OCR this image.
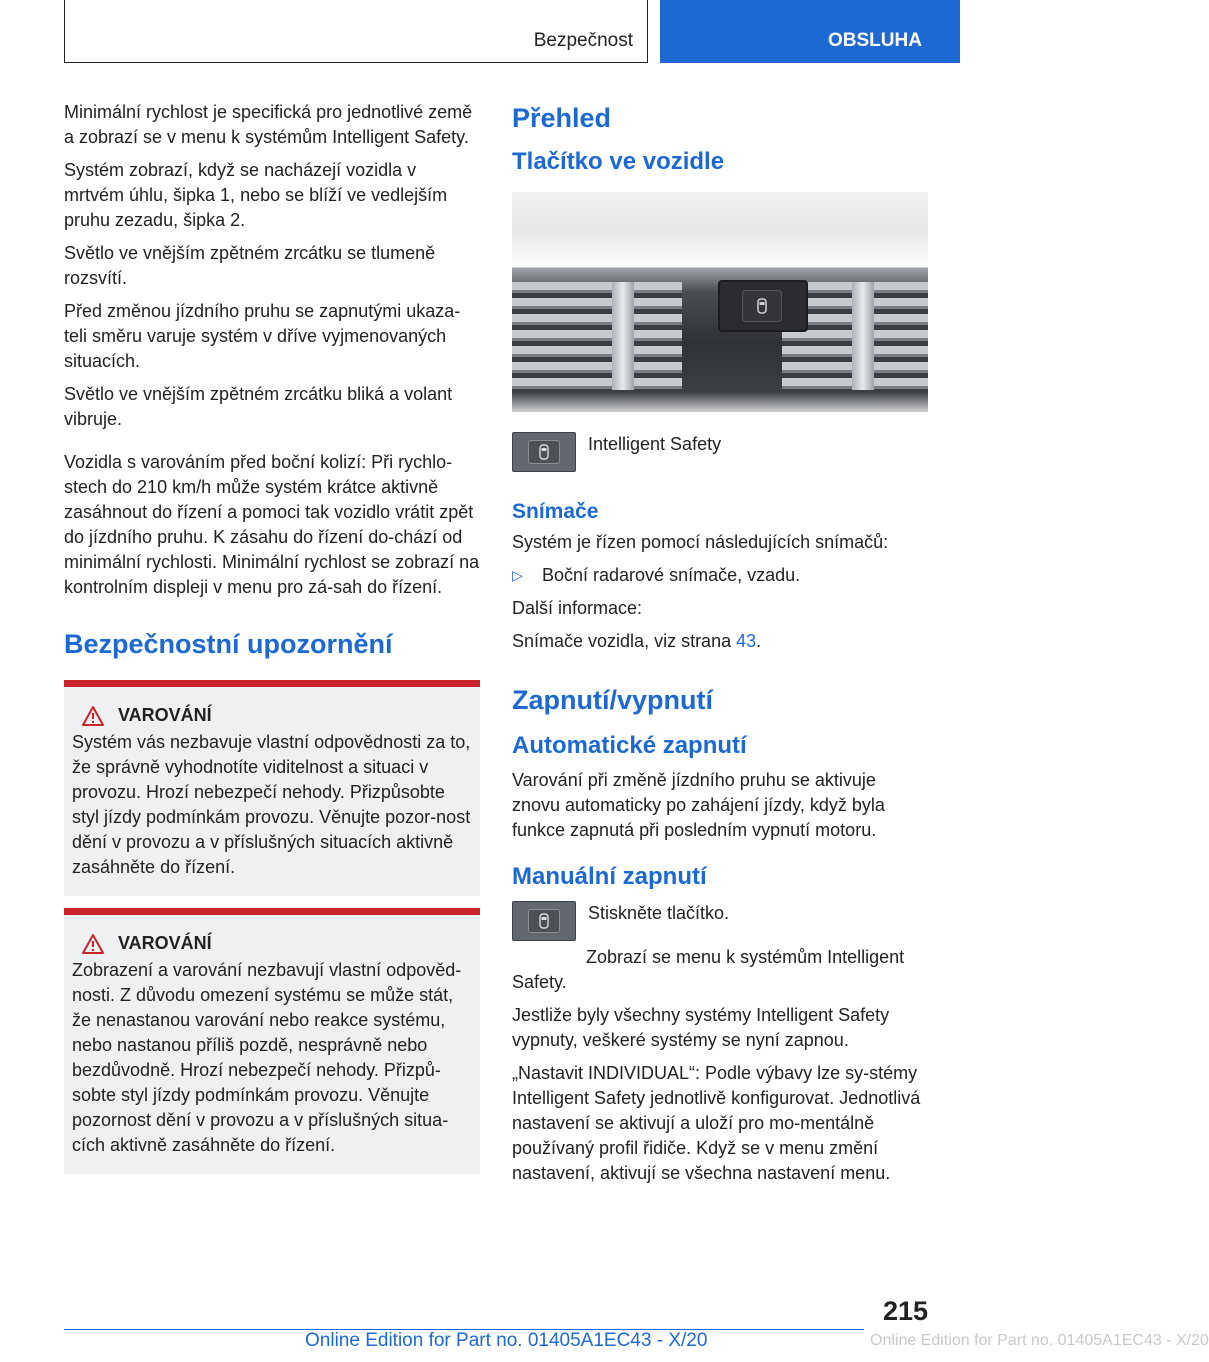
Bezpečnost	OBSLUHA

Minimální rychlost je specifická pro jednotlivé země a zobrazí se v menu k systémům Intelligent Safety.

Systém zobrazí, když se nacházejí vozidla v mrtvém úhlu, šipka 1, nebo se blíží ve vedlejším pruhu zezadu, šipka 2.

Světlo ve vnějším zpětném zrcátku se tlumeně rozsvítí.

Před změnou jízdního pruhu se zapnutými ukaza‐teli směru varuje systém v dříve vyjmenovaných situacích.

Světlo ve vnějším zpětném zrcátku bliká a volant vibruje.

Vozidla s varováním před boční kolizí: Při rychlo‐stech do 210 km/h může systém krátce aktivně zasáhnout do řízení a pomoci tak vozidlo vrátit zpět do jízdního pruhu. K zásahu do řízení do‐chází od minimální rychlosti. Minimální rychlost se zobrazí na kontrolním displeji v menu pro zá‐sah do řízení.

Bezpečnostní upozornění
VAROVÁNÍ

Systém vás nezbavuje vlastní odpovědnosti za to, že správně vyhodnotíte viditelnost a situaci v provozu. Hrozí nebezpečí nehody. Přizpůsobte styl jízdy podmínkám provozu. Věnujte pozor‐nost dění v provozu a v příslušných situacích aktivně zasáhněte do řízení.

VAROVÁNÍ

Zobrazení a varování nezbavují vlastní odpověd‐nosti. Z důvodu omezení systému se může stát, že nenastanou varování nebo reakce systému, nebo nastanou příliš pozdě, nesprávně nebo bezdůvodně. Hrozí nebezpečí nehody. Přizpů‐sobte styl jízdy podmínkám provozu. Věnujte pozornost dění v provozu a v příslušných situa‐cích aktivně zasáhněte do řízení.

Přehled
Tlačítko ve vozidle
Intelligent Safety
Snímače

Systém je řízen pomocí následujících snímačů:

▷	Boční radarové snímače, vzadu.

Další informace:

Snímače vozidla, viz strana 43.

Zapnutí/vypnutí
Automatické zapnutí

Varování při změně jízdního pruhu se aktivuje znovu automaticky po zahájení jízdy, když byla funkce zapnutá při posledním vypnutí motoru.

Manuální zapnutí
Stiskněte tlačítko.

Zobrazí se menu k systémům Intelligent Safety.

Jestliže byly všechny systémy Intelligent Safety vypnuty, veškeré systémy se nyní zapnou.

„Nastavit INDIVIDUAL“: Podle výbavy lze sy‐stémy Intelligent Safety jednotlivě konfigurovat. Jednotlivá nastavení se aktivují a uloží pro mo‐mentálně používaný profil řidiče. Když se v menu změní nastavení, aktivují se všechna nastavení menu.

215
Online Edition for Part no. 01405A1EC43 - X/20	Online Edition for Part no. 01405A1EC43 - X/20
